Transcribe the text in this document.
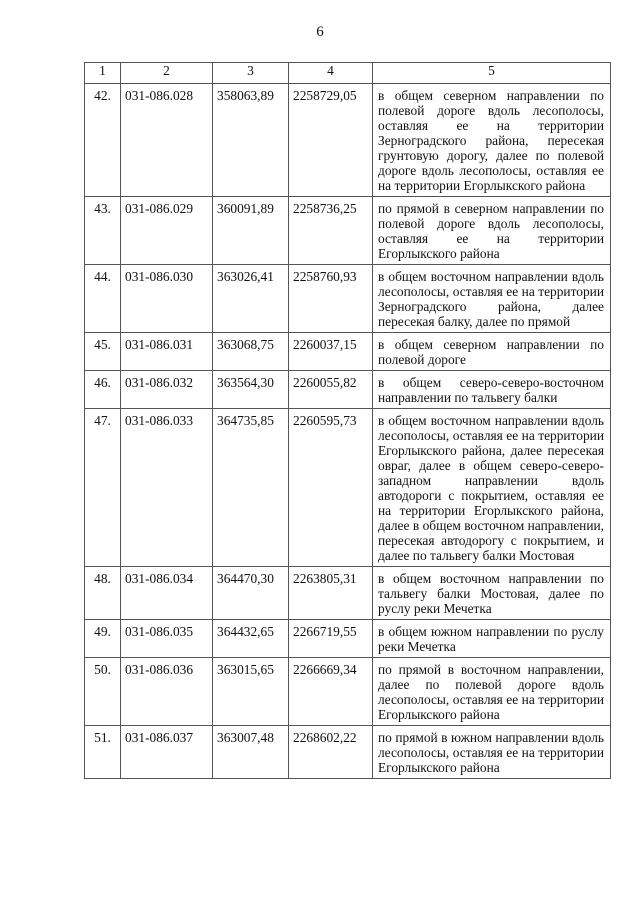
6
1	2	3	4	5
42.	031-086.028	358063,89	2258729,05	в общем северном направлении по полевой дороге вдоль лесополосы, оставляя ее на территории Зерноградского района, пересекая грунтовую дорогу, далее по полевой дороге вдоль лесополосы, оставляя ее на территории Егорлыкского района
43.	031-086.029	360091,89	2258736,25	по прямой в северном направлении по полевой дороге вдоль лесополосы, оставляя ее на территории Егорлыкского района
44.	031-086.030	363026,41	2258760,93	в общем восточном направлении вдоль лесополосы, оставляя ее на территории Зерноградского района, далее пересекая балку, далее по прямой
45.	031-086.031	363068,75	2260037,15	в общем северном направлении по полевой дороге
46.	031-086.032	363564,30	2260055,82	в общем северо-северо-восточном направлении по тальвегу балки
47.	031-086.033	364735,85	2260595,73	в общем восточном направлении вдоль лесополосы, оставляя ее на территории Егорлыкского района, далее пересекая овраг, далее в общем северо-северо-западном направлении вдоль автодороги с покрытием, оставляя ее на территории Егорлыкского района, далее в общем восточном направлении, пересекая автодорогу с покрытием, и далее по тальвегу балки Мостовая
48.	031-086.034	364470,30	2263805,31	в общем восточном направлении по тальвегу балки Мостовая, далее по руслу реки Мечетка
49.	031-086.035	364432,65	2266719,55	в общем южном направлении по руслу реки Мечетка
50.	031-086.036	363015,65	2266669,34	по прямой в восточном направлении, далее по полевой дороге вдоль лесополосы, оставляя ее на территории Егорлыкского района
51.	031-086.037	363007,48	2268602,22	по прямой в южном направлении вдоль лесополосы, оставляя ее на территории Егорлыкского района
